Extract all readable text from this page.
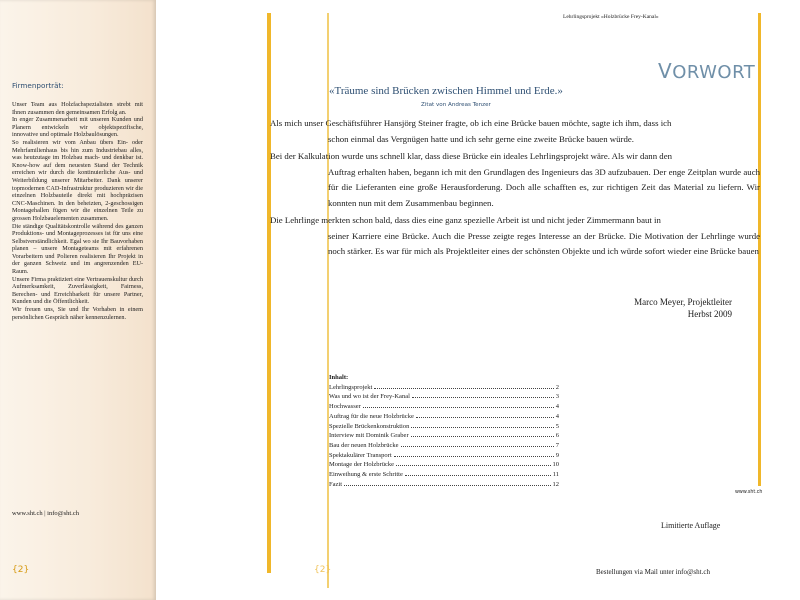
Firmenporträt:

Unser Team aus Holzfachspezialisten strebt mit Ihnen zusammen den gemeinsamen Erfolg an.

In enger Zusammenarbeit mit unseren Kunden und Planern entwickeln wir objektspezifische, innovative und optimale Holzbaulösungen.

So realisieren wir vom Anbau übers Ein- oder Mehrfamilienhaus bis hin zum Industriebau alles, was heutzutage im Holzbau mach- und denkbar ist. Know-how auf dem neuesten Stand der Technik erreichen wir durch die kontinuierliche Aus- und Weiterbildung unserer Mitarbeiter. Dank unserer topmodernen CAD-Infrastruktur produzieren wir die einzelnen Holzbauteile direkt mit hochpräzisen CNC-Maschinen. In den beheizten, 2-geschossigen Montagehallen fügen wir die einzelnen Teile zu grossen Holzbauelementen zusammen.

Die ständige Qualitätskontrolle während des ganzen Produktions- und Montageprozesses ist für uns eine Selbstverständlichkeit. Egal wo sie Ihr Bauvorhaben planen – unsere Montageteams mit erfahrenen Vorarbeitern und Polieren realisieren Ihr Projekt in der ganzen Schweiz und im angrenzenden EU-Raum.

Unsere Firma praktiziert eine Vertrauenskultur durch Aufmerksamkeit, Zuverlässigkeit, Fairness, Berechen- und Erreichbarkeit für unsere Partner, Kunden und die Öffentlichkeit.

Wir freuen uns, Sie und Ihr Vorhaben in einem persönlichen Gespräch näher kennenzulernen.

www.sht.ch | info@sht.ch
{2}
Lehrlingsprojekt «Holzbrücke Frey-Kanal»
VORWORT
«Träume sind Brücken zwischen Himmel und Erde.»
Zitat von Andreas Tenzer
Als mich unser Geschäftsführer Hansjörg Steiner fragte, ob ich eine Brücke bauen möchte, sagte ich ihm, dass ich
schon einmal das Vergnügen hatte und ich sehr gerne eine zweite Brücke bauen würde.
Bei der Kalkulation wurde uns schnell klar, dass diese Brücke ein ideales Lehrlingsprojekt wäre. Als wir dann den
Auftrag erhalten haben, begann ich mit den Grundlagen des Ingenieurs das 3D aufzubauen. Der enge Zeitplan wurde auch für die Lieferanten eine große Herausforderung. Doch alle schafften es, zur richtigen Zeit das Material zu liefern. Wir konnten nun mit dem Zusammenbau beginnen.
Die Lehrlinge merkten schon bald, dass dies eine ganz spezielle Arbeit ist und nicht jeder Zimmermann baut in
seiner Karriere eine Brücke. Auch die Presse zeigte reges Interesse an der Brücke. Die Motivation der Lehrlinge wurde noch stärker. Es war für mich als Projektleiter eines der schönsten Objekte und ich würde sofort wieder eine Brücke bauen
Marco Meyer, Projektleiter
Herbst 2009
Inhalt:
Lehrlingsprojekt	2
Was und wo ist der Frey-Kanal	3
Hochwasser	4
Auftrag für die neue Holzbrücke	4
Spezielle Brückenkonstruktion	5
Interview mit Dominik Graber	6
Bau der neuen Holzbrücke	7
Spektakulärer Transport	9
Montage der Holzbrücke	10
Einweihung & erste Schritte	11
Fazit	12
www.sht.ch
Limitierte Auflage
{2}	Bestellungen via Mail unter info@sht.ch
